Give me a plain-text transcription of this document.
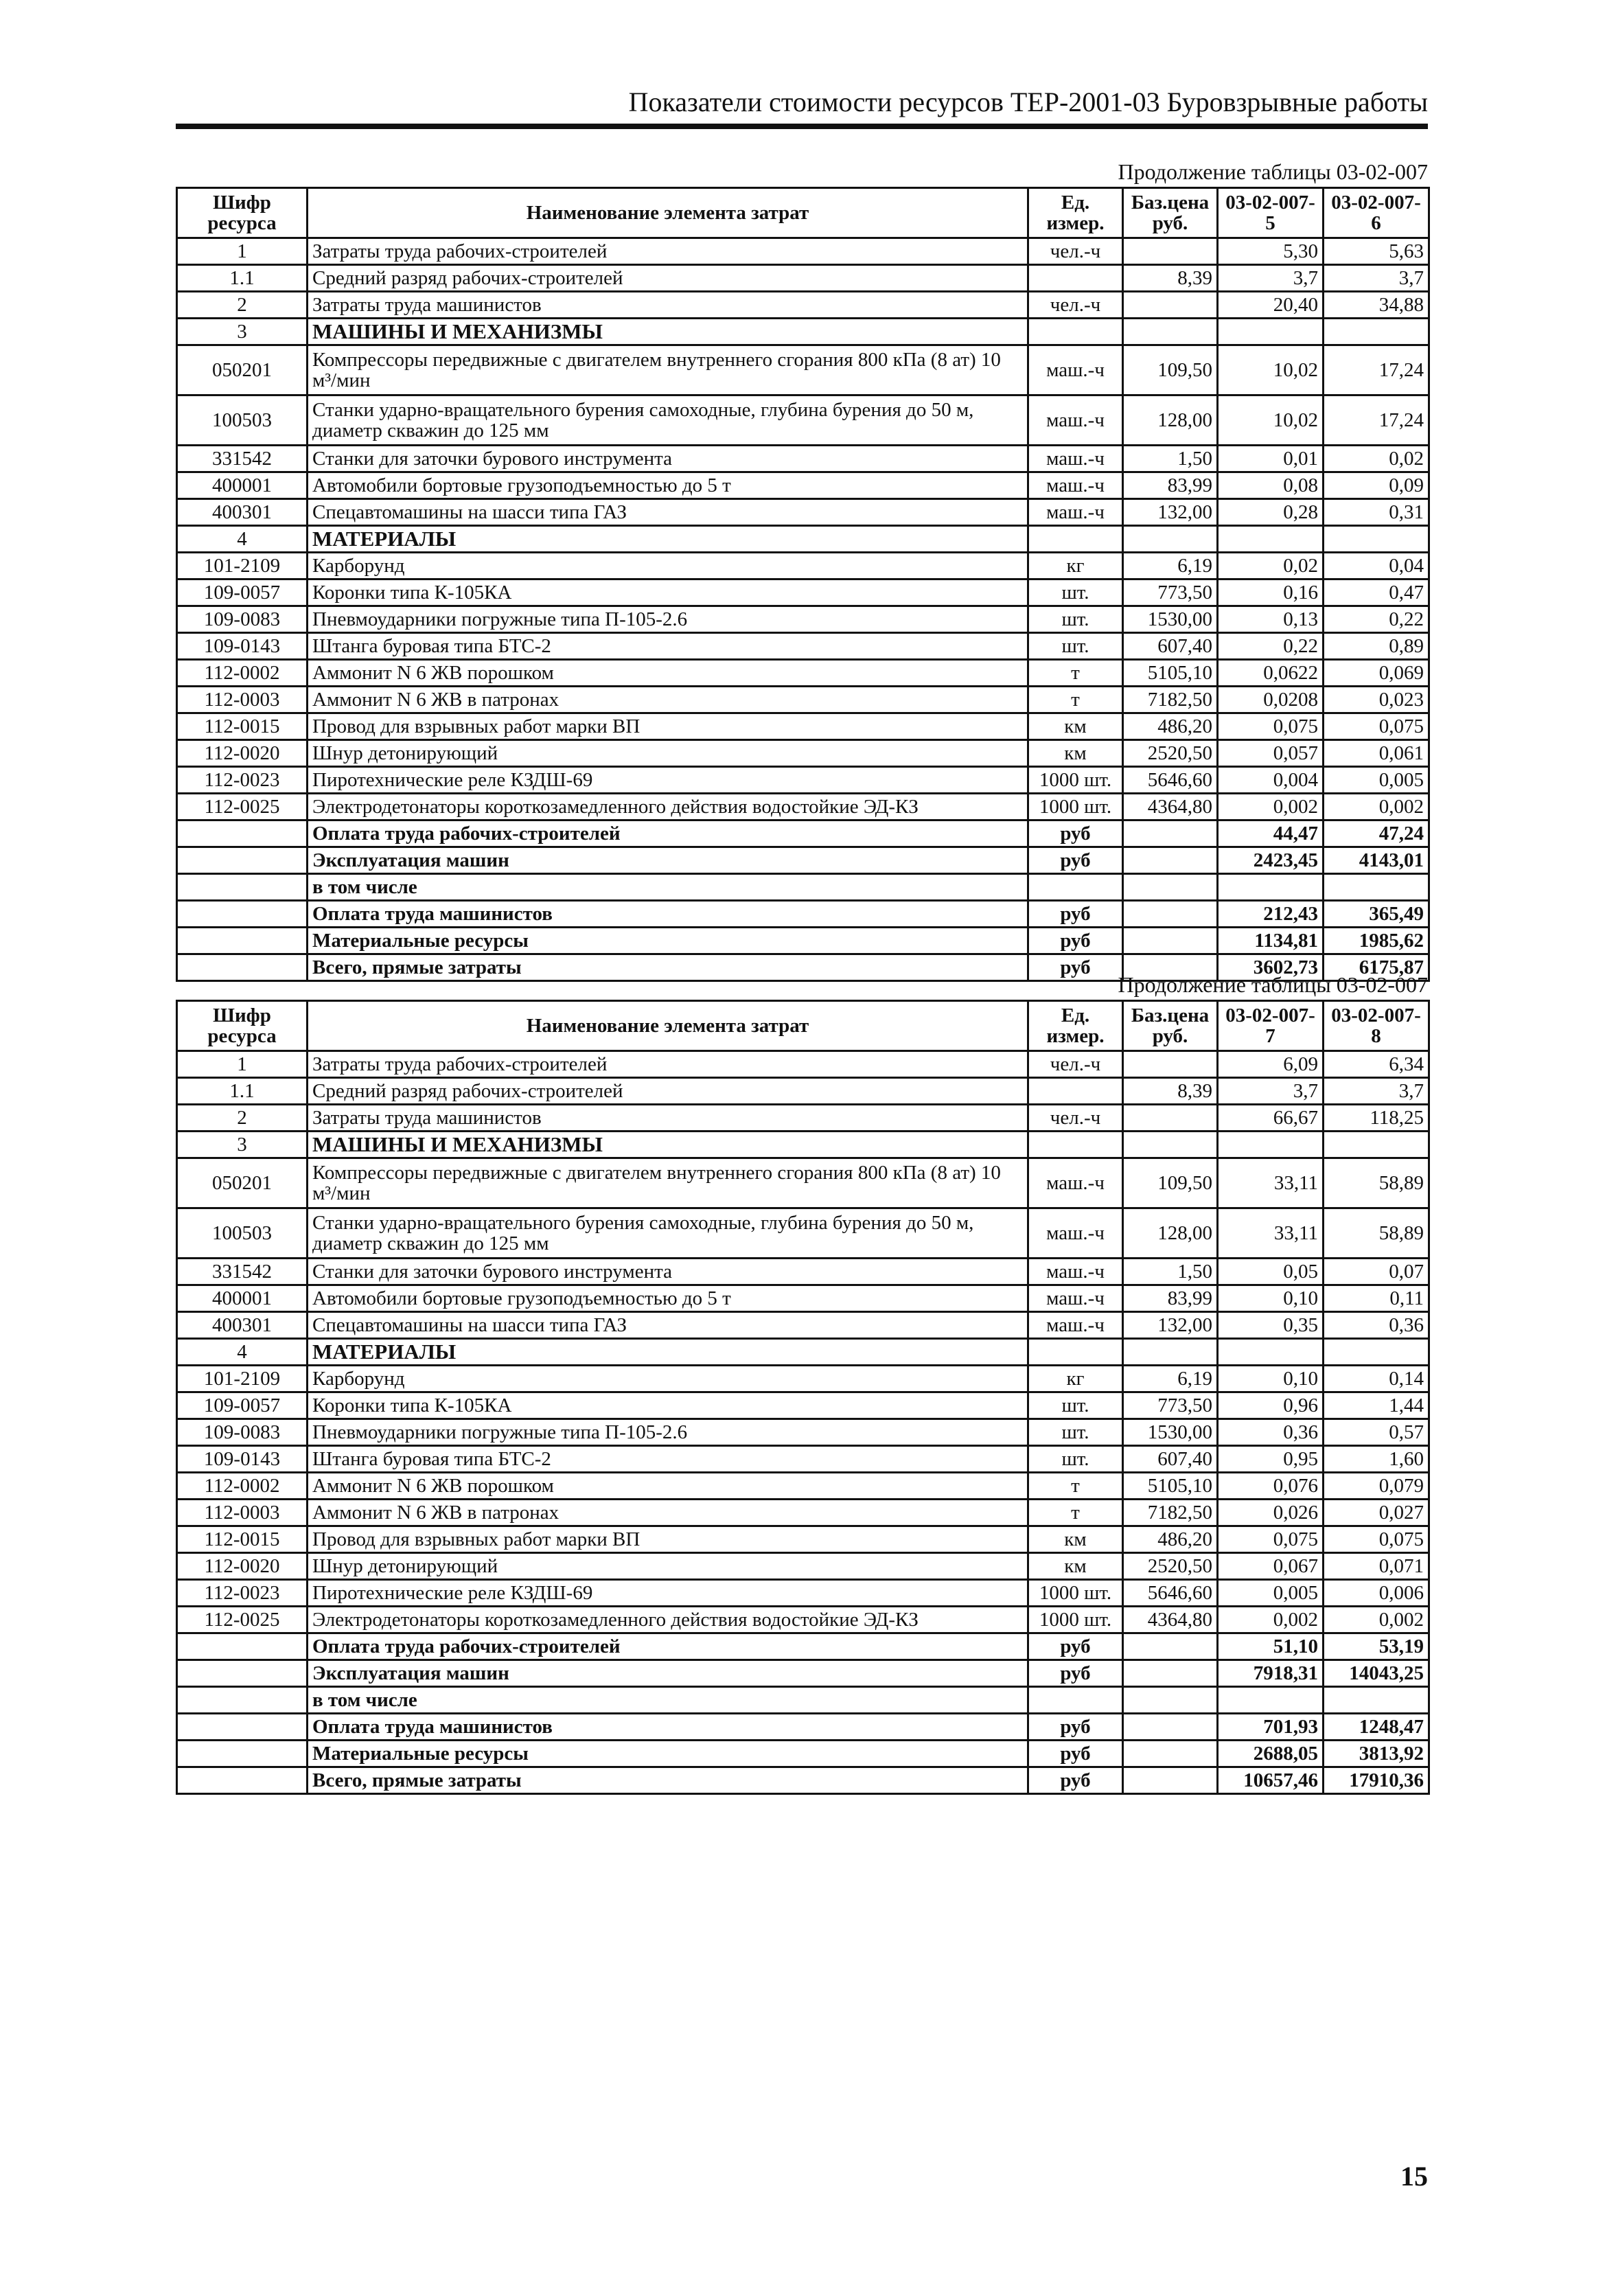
Показатели стоимости ресурсов ТЕР-2001-03 Буровзрывные работы
Продолжение таблицы 03-02-007
Шифр ресурса	Наименование элемента затрат	Ед. измер.	Баз.цена руб.	03-02-007-5	03-02-007-6
1	Затраты труда рабочих-строителей	чел.-ч		5,30	5,63
1.1	Средний разряд рабочих-строителей		8,39	3,7	3,7
2	Затраты труда машинистов	чел.-ч		20,40	34,88
3	МАШИНЫ И МЕХАНИЗМЫ				
050201	Компрессоры передвижные с двигателем внутреннего сгорания 800 кПа (8 ат) 10 м³/мин	маш.-ч	109,50	10,02	17,24
100503	Станки ударно-вращательного бурения самоходные, глубина бурения до 50 м, диаметр скважин до 125 мм	маш.-ч	128,00	10,02	17,24
331542	Станки для заточки бурового инструмента	маш.-ч	1,50	0,01	0,02
400001	Автомобили бортовые грузоподъемностью до 5 т	маш.-ч	83,99	0,08	0,09
400301	Спецавтомашины на шасси типа ГАЗ	маш.-ч	132,00	0,28	0,31
4	МАТЕРИАЛЫ				
101-2109	Карборунд	кг	6,19	0,02	0,04
109-0057	Коронки типа К-105КА	шт.	773,50	0,16	0,47
109-0083	Пневмоударники погружные типа П-105-2.6	шт.	1530,00	0,13	0,22
109-0143	Штанга буровая типа БТС-2	шт.	607,40	0,22	0,89
112-0002	Аммонит N 6 ЖВ порошком	т	5105,10	0,0622	0,069
112-0003	Аммонит N 6 ЖВ в патронах	т	7182,50	0,0208	0,023
112-0015	Провод для взрывных работ марки ВП	км	486,20	0,075	0,075
112-0020	Шнур детонирующий	км	2520,50	0,057	0,061
112-0023	Пиротехнические реле КЗДШ-69	1000 шт.	5646,60	0,004	0,005
112-0025	Электродетонаторы короткозамедленного действия водостойкие ЭД-КЗ	1000 шт.	4364,80	0,002	0,002
	Оплата труда рабочих-строителей	руб		44,47	47,24
	Эксплуатация машин	руб		2423,45	4143,01
	в том числе				
	Оплата труда машинистов	руб		212,43	365,49
	Материальные ресурсы	руб		1134,81	1985,62
	Всего, прямые затраты	руб		3602,73	6175,87
Продолжение таблицы 03-02-007
Шифр ресурса	Наименование элемента затрат	Ед. измер.	Баз.цена руб.	03-02-007-7	03-02-007-8
1	Затраты труда рабочих-строителей	чел.-ч		6,09	6,34
1.1	Средний разряд рабочих-строителей		8,39	3,7	3,7
2	Затраты труда машинистов	чел.-ч		66,67	118,25
3	МАШИНЫ И МЕХАНИЗМЫ				
050201	Компрессоры передвижные с двигателем внутреннего сгорания 800 кПа (8 ат) 10 м³/мин	маш.-ч	109,50	33,11	58,89
100503	Станки ударно-вращательного бурения самоходные, глубина бурения до 50 м, диаметр скважин до 125 мм	маш.-ч	128,00	33,11	58,89
331542	Станки для заточки бурового инструмента	маш.-ч	1,50	0,05	0,07
400001	Автомобили бортовые грузоподъемностью до 5 т	маш.-ч	83,99	0,10	0,11
400301	Спецавтомашины на шасси типа ГАЗ	маш.-ч	132,00	0,35	0,36
4	МАТЕРИАЛЫ				
101-2109	Карборунд	кг	6,19	0,10	0,14
109-0057	Коронки типа К-105КА	шт.	773,50	0,96	1,44
109-0083	Пневмоударники погружные типа П-105-2.6	шт.	1530,00	0,36	0,57
109-0143	Штанга буровая типа БТС-2	шт.	607,40	0,95	1,60
112-0002	Аммонит N 6 ЖВ порошком	т	5105,10	0,076	0,079
112-0003	Аммонит N 6 ЖВ в патронах	т	7182,50	0,026	0,027
112-0015	Провод для взрывных работ марки ВП	км	486,20	0,075	0,075
112-0020	Шнур детонирующий	км	2520,50	0,067	0,071
112-0023	Пиротехнические реле КЗДШ-69	1000 шт.	5646,60	0,005	0,006
112-0025	Электродетонаторы короткозамедленного действия водостойкие ЭД-КЗ	1000 шт.	4364,80	0,002	0,002
	Оплата труда рабочих-строителей	руб		51,10	53,19
	Эксплуатация машин	руб		7918,31	14043,25
	в том числе				
	Оплата труда машинистов	руб		701,93	1248,47
	Материальные ресурсы	руб		2688,05	3813,92
	Всего, прямые затраты	руб		10657,46	17910,36
15
